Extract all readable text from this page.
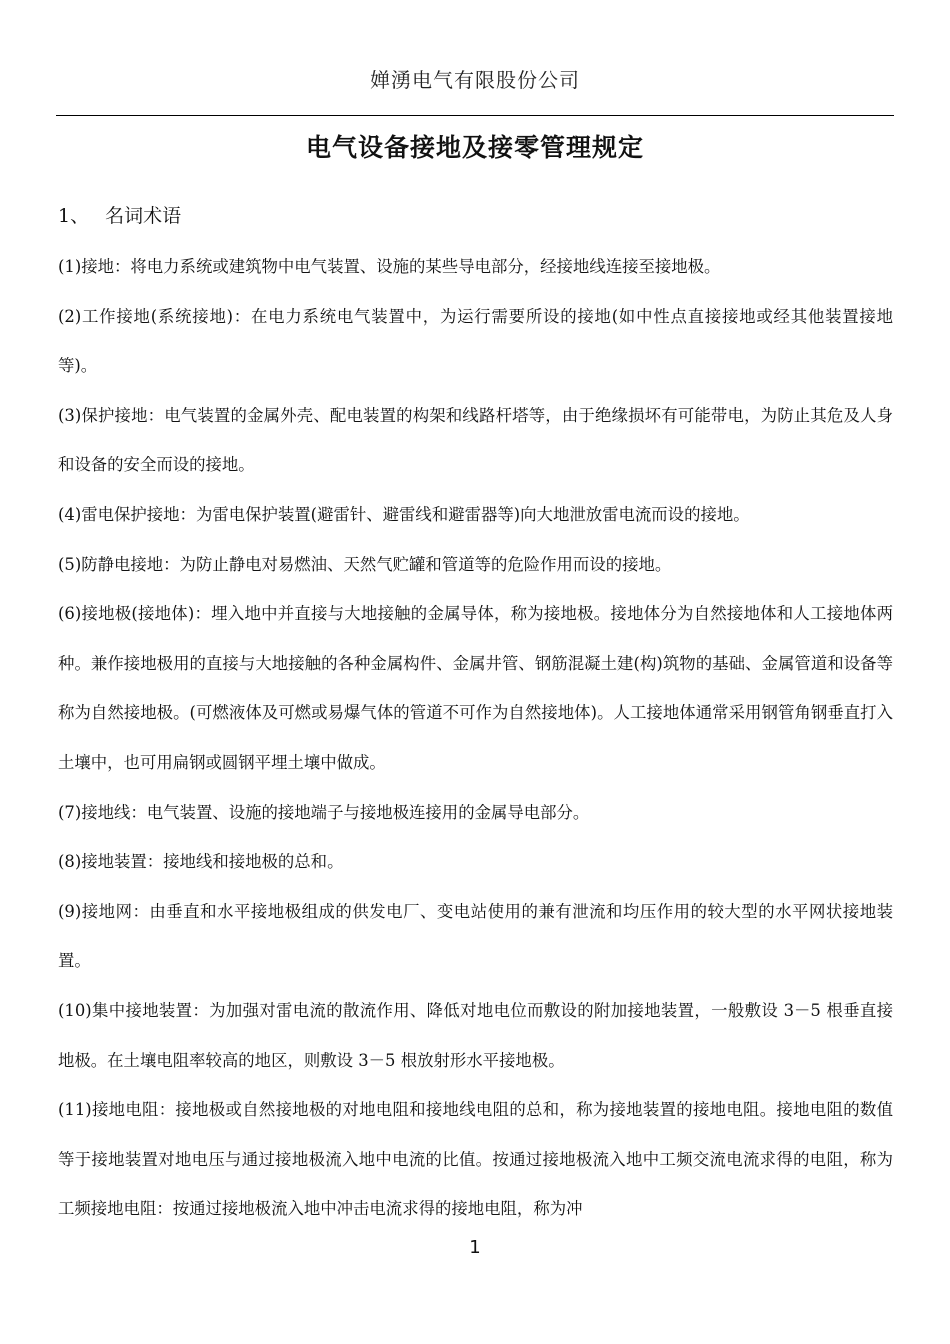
婵湧电气有限股份公司
电气设备接地及接零管理规定
1、 名词术语

(1)接地：将电力系统或建筑物中电气装置、设施的某些导电部分，经接地线连接至接地极。

(2)工作接地(系统接地)：在电力系统电气装置中，为运行需要所设的接地(如中性点直接接地或经其他装置接地等)。

(3)保护接地：电气装置的金属外壳、配电装置的构架和线路杆塔等，由于绝缘损坏有可能带电，为防止其危及人身和设备的安全而设的接地。

(4)雷电保护接地：为雷电保护装置(避雷针、避雷线和避雷器等)向大地泄放雷电流而设的接地。

(5)防静电接地：为防止静电对易燃油、天然气贮罐和管道等的危险作用而设的接地。

(6)接地极(接地体)：埋入地中并直接与大地接触的金属导体，称为接地极。接地体分为自然接地体和人工接地体两种。兼作接地极用的直接与大地接触的各种金属构件、金属井管、钢筋混凝土建(构)筑物的基础、金属管道和设备等称为自然接地极。(可燃液体及可燃或易爆气体的管道不可作为自然接地体)。人工接地体通常采用钢管角钢垂直打入土壤中，也可用扁钢或圆钢平埋土壤中做成。

(7)接地线：电气装置、设施的接地端子与接地极连接用的金属导电部分。

(8)接地装置：接地线和接地极的总和。

(9)接地网：由垂直和水平接地极组成的供发电厂、变电站使用的兼有泄流和均压作用的较大型的水平网状接地装置。

(10)集中接地装置：为加强对雷电流的散流作用、降低对地电位而敷设的附加接地装置，一般敷设 3－5 根垂直接地极。在土壤电阻率较高的地区，则敷设 3－5 根放射形水平接地极。

(11)接地电阻：接地极或自然接地极的对地电阻和接地线电阻的总和，称为接地装置的接地电阻。接地电阻的数值等于接地装置对地电压与通过接地极流入地中电流的比值。按通过接地极流入地中工频交流电流求得的电阻，称为工频接地电阻：按通过接地极流入地中冲击电流求得的接地电阻，称为冲

1
